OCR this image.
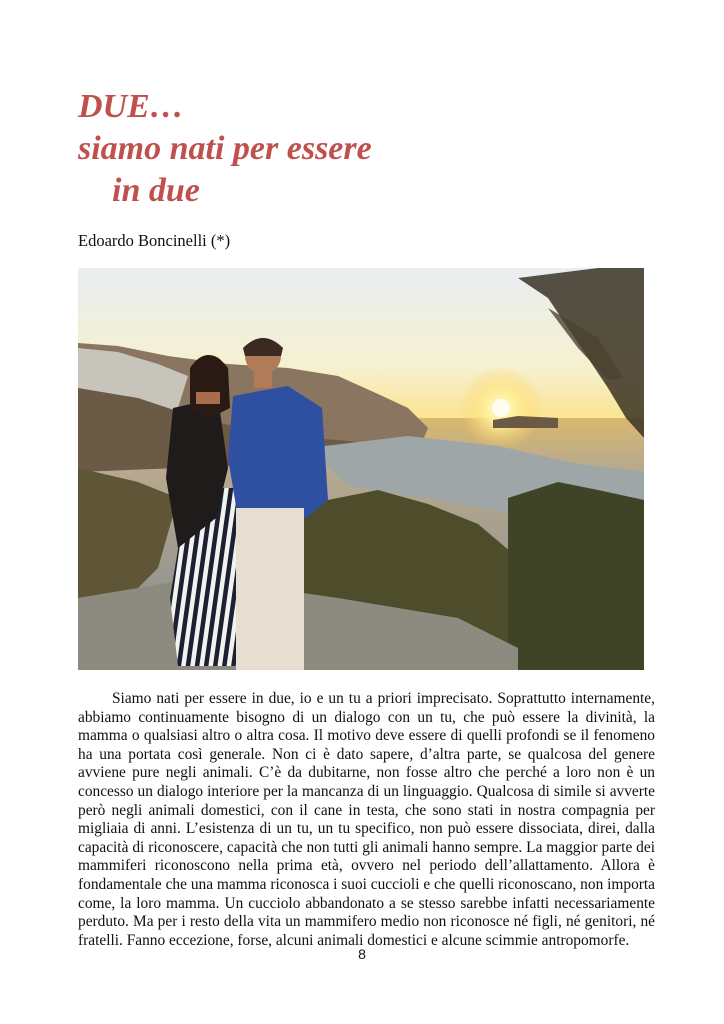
DUE…
siamo nati per essere
in due
Edoardo Boncinelli (*)

Siamo nati per essere in due, io e un tu a priori imprecisato. Soprattutto internamente, abbiamo continuamente bisogno di un dialogo con un tu, che può essere la divinità, la mamma o qualsiasi altro o altra cosa. Il motivo deve essere di quelli profondi se il fenomeno ha una portata così generale. Non ci è dato sapere, d’altra parte, se qualcosa del genere avviene pure negli animali. C’è da dubitarne, non fosse altro che perché a loro non è un concesso un dialogo interiore per la mancanza di un linguaggio. Qualcosa di simile si avverte però negli animali domestici, con il cane in testa, che sono stati in nostra compagnia per migliaia di anni. L’esistenza di un tu, un tu specifico, non può essere dissociata, direi, dalla capacità di riconoscere, capacità che non tutti gli animali hanno sempre. La maggior parte dei mammiferi riconoscono nella prima età, ovvero nel periodo dell’allattamento. Allora è fondamentale che una mamma riconosca i suoi cuccioli e che quelli riconoscano, non importa come, la loro mamma. Un cucciolo abbandonato a se stesso sarebbe infatti necessariamente perduto. Ma per i resto della vita un mammifero medio non riconosce né figli, né genitori, né fratelli. Fanno eccezione, forse, alcuni animali domestici e alcune scimmie antropomorfe.

8
